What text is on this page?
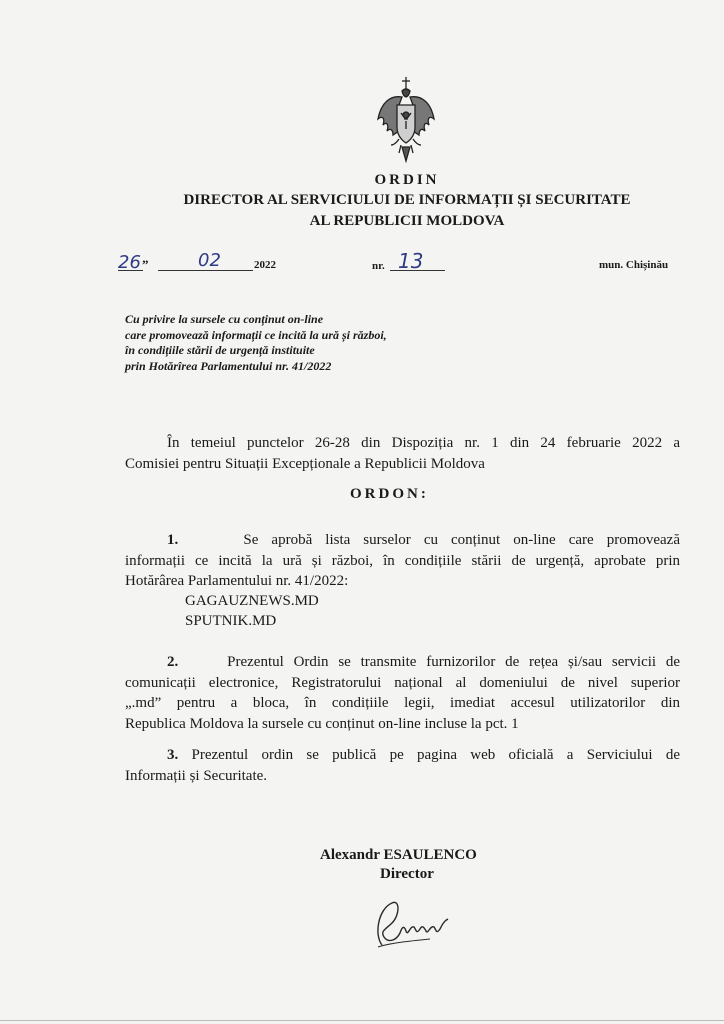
ORDIN
DIRECTOR AL SERVICIULUI DE INFORMAȚII ȘI SECURITATE
AL REPUBLICII MOLDOVA
26 ”	02	2022	nr. 13	mun. Chișinău
Cu privire la sursele cu conținut on-line
care promovează informații ce incită la ură și război,
în condițiile stării de urgență instituite
prin Hotărîrea Parlamentului nr. 41/2022
În temeiul punctelor 26-28 din Dispoziția nr. 1 din 24 februarie 2022 a
Comisiei pentru Situații Excepționale a Republicii Moldova
ORDON:
1.	Se aprobă lista surselor cu conținut on-line care promovează
informații ce incită la ură și război, în condițiile stării de urgență, aprobate prin
Hotărârea Parlamentului nr. 41/2022:
GAGAUZNEWS.MD
SPUTNIK.MD
2.	Prezentul Ordin se transmite furnizorilor de rețea și/sau servicii de
comunicații electronice, Registratorului național al domeniului de nivel superior
„.md” pentru a bloca, în condițiile legii, imediat accesul utilizatorilor din
Republica Moldova la sursele cu conținut on-line incluse la pct. 1
3. Prezentul ordin se publică pe pagina web oficială a Serviciului de
Informații și Securitate.
Alexandr ESAULENCO
Director
